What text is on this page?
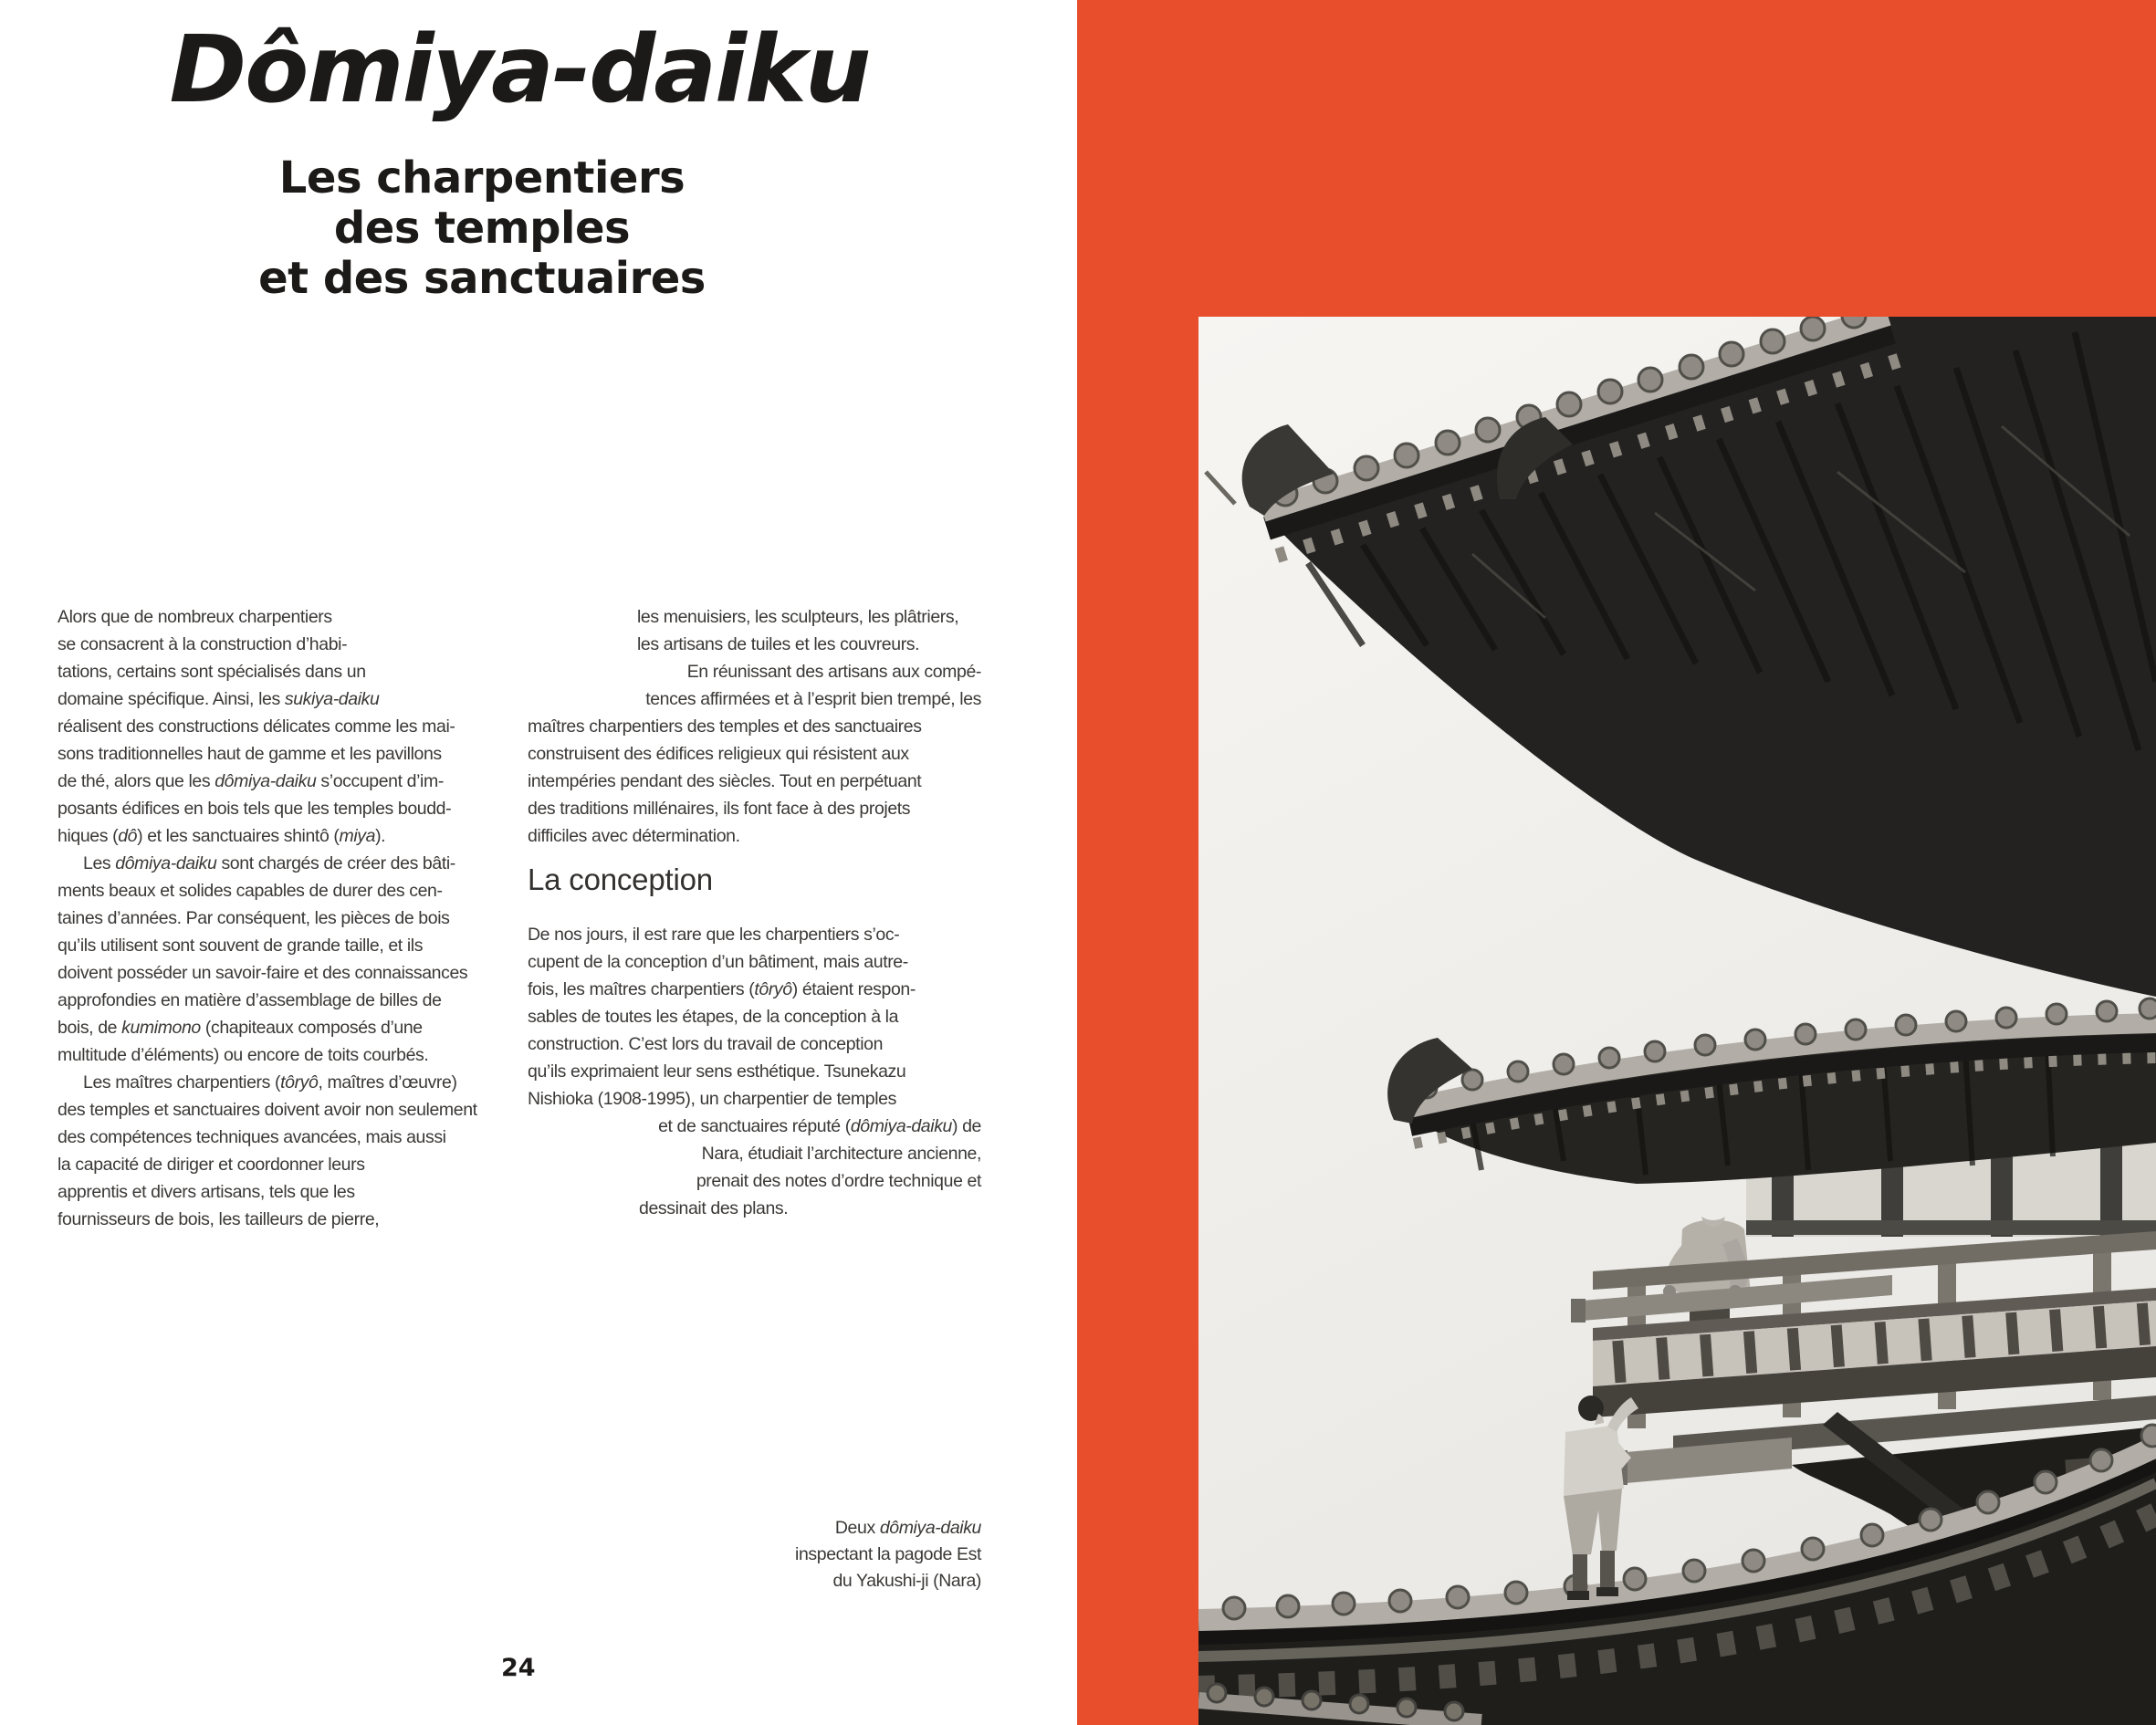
Dômiya-daiku
Les charpentiers
des temples
et des sanctuaires
Alors que de nombreux charpentiers
se consacrent à la construction d’habi-
tations, certains sont spécialisés dans un
domaine spécifique. Ainsi, les sukiya-daiku
réalisent des constructions délicates comme les mai-
sons traditionnelles haut de gamme et les pavillons
de thé, alors que les dômiya-daiku s’occupent d’im-
posants édifices en bois tels que les temples boudd-
hiques (dô) et les sanctuaires shintô (miya).
Les dômiya-daiku sont chargés de créer des bâti-
ments beaux et solides capables de durer des cen-
taines d’années. Par conséquent, les pièces de bois
qu’ils utilisent sont souvent de grande taille, et ils
doivent posséder un savoir-faire et des connaissances
approfondies en matière d’assemblage de billes de
bois, de kumimono (chapiteaux composés d’une
multitude d’éléments) ou encore de toits courbés.
Les maîtres charpentiers (tôryô, maîtres d’œuvre)
des temples et sanctuaires doivent avoir non seulement
des compétences techniques avancées, mais aussi
la capacité de diriger et coordonner leurs
apprentis et divers artisans, tels que les
fournisseurs de bois, les tailleurs de pierre,
les menuisiers, les sculpteurs, les plâtriers,
les artisans de tuiles et les couvreurs.
En réunissant des artisans aux compé-
tences affirmées et à l’esprit bien trempé, les
maîtres charpentiers des temples et des sanctuaires
construisent des édifices religieux qui résistent aux
intempéries pendant des siècles. Tout en perpétuant
des traditions millénaires, ils font face à des projets
difficiles avec détermination.
La conception
De nos jours, il est rare que les charpentiers s’oc-
cupent de la conception d’un bâtiment, mais autre-
fois, les maîtres charpentiers (tôryô) étaient respon-
sables de toutes les étapes, de la conception à la
construction. C’est lors du travail de conception
qu’ils exprimaient leur sens esthétique. Tsunekazu
Nishioka (1908-1995), un charpentier de temples
et de sanctuaires réputé (dômiya-daiku) de
Nara, étudiait l’architecture ancienne,
prenait des notes d’ordre technique et
dessinait des plans.
Deux dômiya-daiku
inspectant la pagode Est
du Yakushi-ji (Nara)
24
